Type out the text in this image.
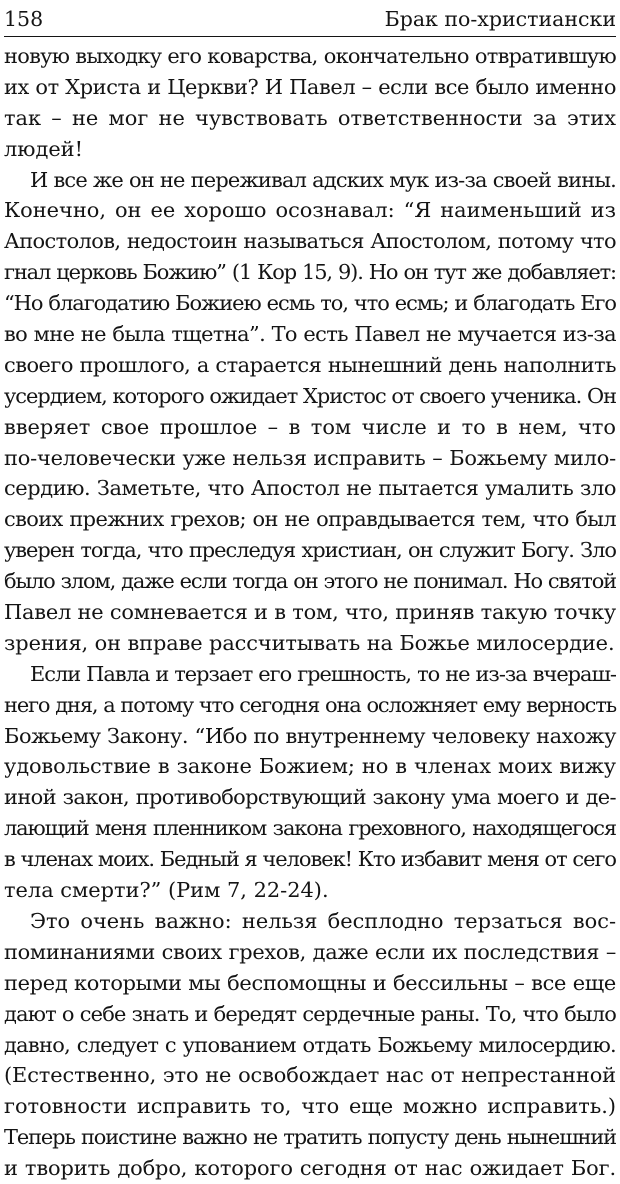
158	Брак по-христиански
новую выходку его коварства, окончательно отвратившую
их от Христа и Церкви? И Павел – если все было именно
так – не мог не чувствовать ответственности за этих
людей!
И все же он не переживал адских мук из-за своей вины.
Конечно, он ее хорошо осознавал: “Я наименьший из
Апостолов, недостоин называться Апостолом, потому что
гнал церковь Божию” (1 Кор 15, 9). Но он тут же добавляет:
“Но благодатию Божиею есмь то, что есмь; и благодать Его
во мне не была тщетна”. То есть Павел не мучается из-за
своего прошлого, а старается нынешний день наполнить
усердием, которого ожидает Христос от своего ученика. Он
вверяет свое прошлое – в том числе и то в нем, что
по-человечески уже нельзя исправить – Божьему мило-
сердию. Заметьте, что Апостол не пытается умалить зло
своих прежних грехов; он не оправдывается тем, что был
уверен тогда, что преследуя христиан, он служит Богу. Зло
было злом, даже если тогда он этого не понимал. Но святой
Павел не сомневается и в том, что, приняв такую точку
зрения, он вправе рассчитывать на Божье милосердие.
Если Павла и терзает его грешность, то не из-за вчераш-
него дня, а потому что сегодня она осложняет ему верность
Божьему Закону. “Ибо по внутреннему человеку нахожу
удовольствие в законе Божием; но в членах моих вижу
иной закон, противоборствующий закону ума моего и де-
лающий меня пленником закона греховного, находящегося
в членах моих. Бедный я человек! Кто избавит меня от сего
тела смерти?” (Рим 7, 22-24).
Это очень важно: нельзя бесплодно терзаться вос-
поминаниями своих грехов, даже если их последствия –
перед которыми мы беспомощны и бессильны – все еще
дают о себе знать и бередят сердечные раны. То, что было
давно, следует с упованием отдать Божьему милосердию.
(Естественно, это не освобождает нас от непрестанной
готовности исправить то, что еще можно исправить.)
Теперь поистине важно не тратить попусту день нынешний
и творить добро, которого сегодня от нас ожидает Бог.
